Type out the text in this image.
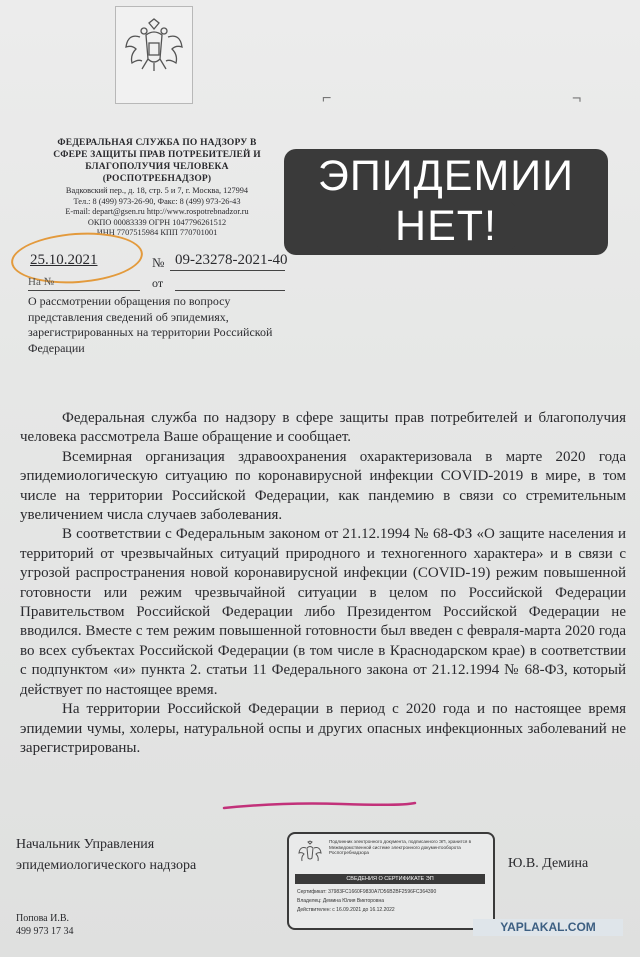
⌐	¬
ФЕДЕРАЛЬНАЯ СЛУЖБА ПО НАДЗОРУ В
СФЕРЕ ЗАЩИТЫ ПРАВ ПОТРЕБИТЕЛЕЙ И
БЛАГОПОЛУЧИЯ ЧЕЛОВЕКА
(РОСПОТРЕБНАДЗОР)
Вадковский пер., д. 18, стр. 5 и 7, г. Москва, 127994
Тел.: 8 (499) 973-26-90, Факс: 8 (499) 973-26-43
E-mail: depart@gsen.ru http://www.rospotrebnadzor.ru
ОКПО 00083339 ОГРН 1047796261512
ИНН 7707515984 КПП 770701001
25.10.2021	№ 09-23278-2021-40
На №	от
О рассмотрении обращения по вопросу представления сведений об эпидемиях, зарегистрированных на территории Российской Федерации
ЭПИДЕМИИ
НЕТ!

Федеральная служба по надзору в сфере защиты прав потребителей и благополучия человека рассмотрела Ваше обращение и сообщает.

Всемирная организация здравоохранения охарактеризовала в марте 2020 года эпидемиологическую ситуацию по коронавирусной инфекции COVID-2019 в мире, в том числе на территории Российской Федерации, как пандемию в связи со стремительным увеличением числа случаев заболевания.

В соответствии с Федеральным законом от 21.12.1994 № 68-ФЗ «О защите населения и территорий от чрезвычайных ситуаций природного и техногенного характера» и в связи с угрозой распространения новой коронавирусной инфекции (COVID-19) режим повышенной готовности или режим чрезвычайной ситуации в целом по Российской Федерации Правительством Российской Федерации либо Президентом Российской Федерации не вводился. Вместе с тем режим повышенной готовности был введен с февраля-марта 2020 года во всех субъектах Российской Федерации (в том числе в Краснодарском крае) в соответствии с подпунктом «и» пункта 2. статьи 11 Федерального закона от 21.12.1994 № 68-ФЗ, который действует по настоящее время.

На территории Российской Федерации в период с 2020 года и по настоящее время эпидемии чумы, холеры, натуральной оспы и других опасных инфекционных заболеваний не зарегистрированы.

Начальник Управления
эпидемиологического надзора
Подлинник электронного документа, подписанного ЭП, хранится в Межведомственной системе электронного документооборота Роспотребнадзора
СВЕДЕНИЯ О СЕРТИФИКАТЕ ЭП
Сертификат: 37983FC1660F9830A7D56B2BF2596FC364390
Владелец: Демина Юлия Викторовна
Действителен: с 16.09.2021 до 16.12.2022
Ю.В. Демина
Попова И.В.
499 973 17 34	YAPLAKAL.COM
